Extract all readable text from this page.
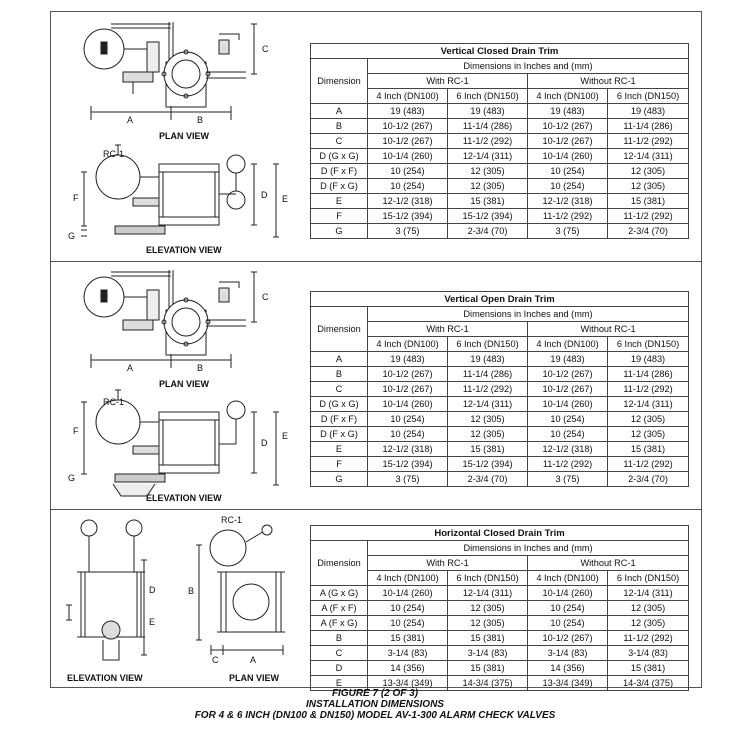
A	B
C
PLAN VIEW
RC-1
F	D E
G
ELEVATION VIEW
Vertical Closed Drain Trim				
Dimension	Dimensions in Inches and (mm)			
	With RC-1		Without RC-1	
	4 Inch (DN100)	6 Inch (DN150)	4 Inch (DN100)	6 Inch (DN150)
A	19 (483)	19 (483)	19 (483)	19 (483)
B	10-1/2 (267)	11-1/4 (286)	10-1/2 (267)	11-1/4 (286)
C	10-1/2 (267)	11-1/2 (292)	10-1/2 (267)	11-1/2 (292)
D (G x G)	10-1/4 (260)	12-1/4 (311)	10-1/4 (260)	12-1/4 (311)
D (F x F)	10 (254)	12 (305)	10 (254)	12 (305)
D (F x G)	10 (254)	12 (305)	10 (254)	12 (305)
E	12-1/2 (318)	15 (381)	12-1/2 (318)	15 (381)
F	15-1/2 (394)	15-1/2 (394)	11-1/2 (292)	11-1/2 (292)
G	3 (75)	2-3/4 (70)	3 (75)	2-3/4 (70)
A	B
C
PLAN VIEW
RC-1
F
D
E
G
ELEVATION VIEW
Vertical Open Drain Trim				
Dimension	Dimensions in Inches and (mm)			
	With RC-1		Without RC-1	
	4 Inch (DN100)	6 Inch (DN150)	4 Inch (DN100)	6 Inch (DN150)
A	19 (483)	19 (483)	19 (483)	19 (483)
B	10-1/2 (267)	11-1/4 (286)	10-1/2 (267)	11-1/4 (286)
C	10-1/2 (267)	11-1/2 (292)	10-1/2 (267)	11-1/2 (292)
D (G x G)	10-1/4 (260)	12-1/4 (311)	10-1/4 (260)	12-1/4 (311)
D (F x F)	10 (254)	12 (305)	10 (254)	12 (305)
D (F x G)	10 (254)	12 (305)	10 (254)	12 (305)
E	12-1/2 (318)	15 (381)	12-1/2 (318)	15 (381)
F	15-1/2 (394)	15-1/2 (394)	11-1/2 (292)	11-1/2 (292)
G	3 (75)	2-3/4 (70)	3 (75)	2-3/4 (70)
D
E
ELEVATION VIEW
RC-1
B
C	A
PLAN VIEW
Horizontal Closed Drain Trim				
Dimension	Dimensions in Inches and (mm)			
	With RC-1		Without RC-1	
	4 Inch (DN100)	6 Inch (DN150)	4 Inch (DN100)	6 Inch (DN150)
A (G x G)	10-1/4 (260)	12-1/4 (311)	10-1/4 (260)	12-1/4 (311)
A (F x F)	10 (254)	12 (305)	10 (254)	12 (305)
A (F x G)	10 (254)	12 (305)	10 (254)	12 (305)
B	15 (381)	15 (381)	10-1/2 (267)	11-1/2 (292)
C	3-1/4 (83)	3-1/4 (83)	3-1/4 (83)	3-1/4 (83)
D	14 (356)	15 (381)	14 (356)	15 (381)
E	13-3/4 (349)	14-3/4 (375)	13-3/4 (349)	14-3/4 (375)
FIGURE 7 (2 OF 3)
INSTALLATION DIMENSIONS
FOR 4 & 6 INCH (DN100 & DN150) MODEL AV-1-300 ALARM CHECK VALVES
